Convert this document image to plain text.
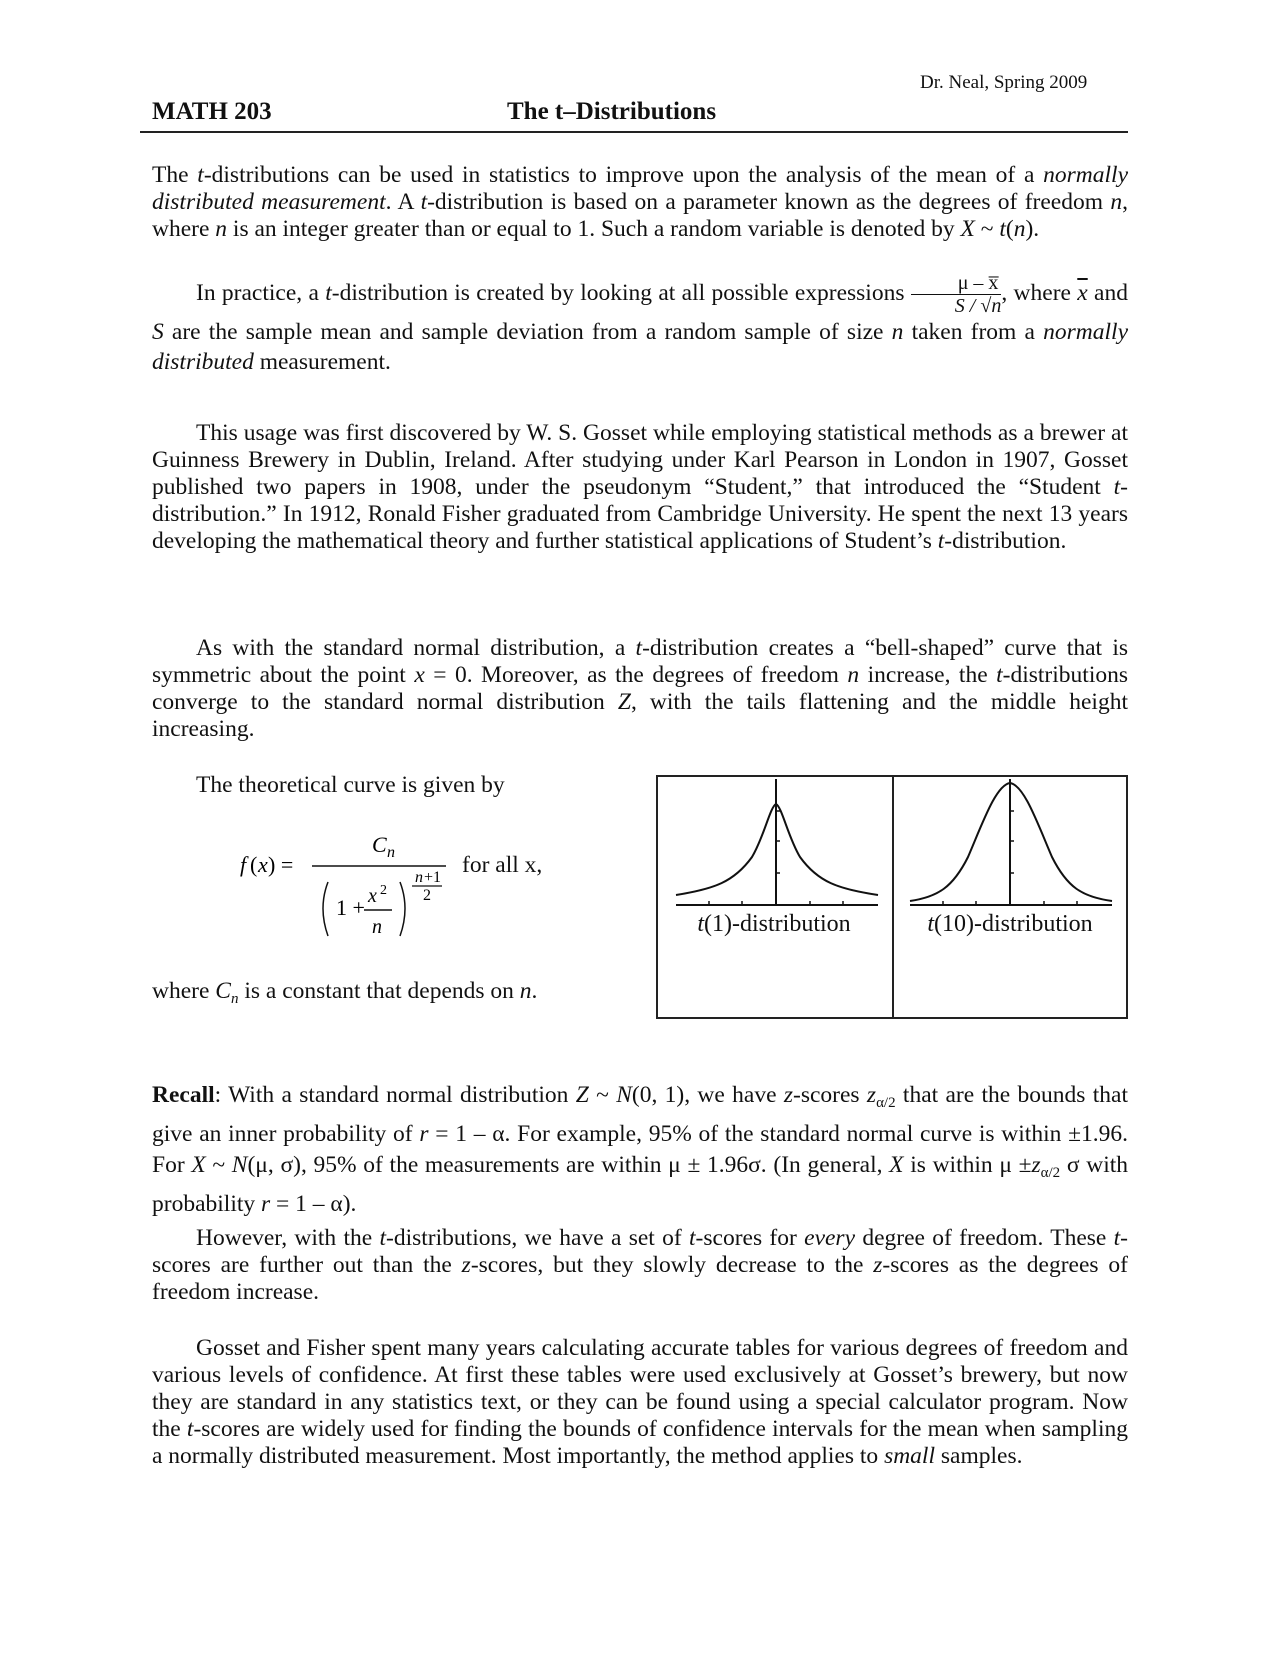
Dr. Neal, Spring 2009
MATH 203	The t–Distributions

The t-distributions can be used in statistics to improve upon the analysis of the mean of a normally distributed measurement. A t-distribution is based on a parameter known as the degrees of freedom n, where n is an integer greater than or equal to 1. Such a random variable is denoted by X ~ t(n).

In practice, a t-distribution is created by looking at all possible expressions $\frac{\mu - x̅}{S / √n}$ , where $\overline{x}$ and S are the sample mean and sample deviation from a random sample of size n taken from a normally distributed measurement.

This usage was first discovered by W. S. Gosset while employing statistical methods as a brewer at Guinness Brewery in Dublin, Ireland. After studying under Karl Pearson in London in 1907, Gosset published two papers in 1908, under the pseudonym “Student,” that introduced the “Student t-distribution.” In 1912, Ronald Fisher graduated from Cambridge University. He spent the next 13 years developing the mathematical theory and further statistical applications of Student’s t-distribution.

As with the standard normal distribution, a t-distribution creates a “bell-shaped” curve that is symmetric about the point x = 0. Moreover, as the degrees of freedom n increase, the t-distributions converge to the standard normal distribution Z, with the tails flattening and the middle height increasing.

The theoretical curve is given by
f ( x ) =
C n
1 + x 2
n
n +1
2
for all x,
where $C_n$ is a constant that depends on n.
t(1)-distribution	t(10)-distribution

Recall: With a standard normal distribution Z ~ N(0, 1), we have z-scores $z_{\alpha/2}$ that are the bounds that give an inner probability of r = 1 – α. For example, 95% of the standard normal curve is within ±1.96. For X ~ N(μ, σ), 95% of the measurements are within μ ± 1.96σ. (In general, X is within $\mu \pm z_{\alpha/2}$ σ with probability r = 1 – α).

However, with the t-distributions, we have a set of t-scores for every degree of freedom. These t-scores are further out than the z-scores, but they slowly decrease to the z-scores as the degrees of freedom increase.

Gosset and Fisher spent many years calculating accurate tables for various degrees of freedom and various levels of confidence. At first these tables were used exclusively at Gosset’s brewery, but now they are standard in any statistics text, or they can be found using a special calculator program. Now the t-scores are widely used for finding the bounds of confidence intervals for the mean when sampling a normally distributed measurement. Most importantly, the method applies to small samples.
